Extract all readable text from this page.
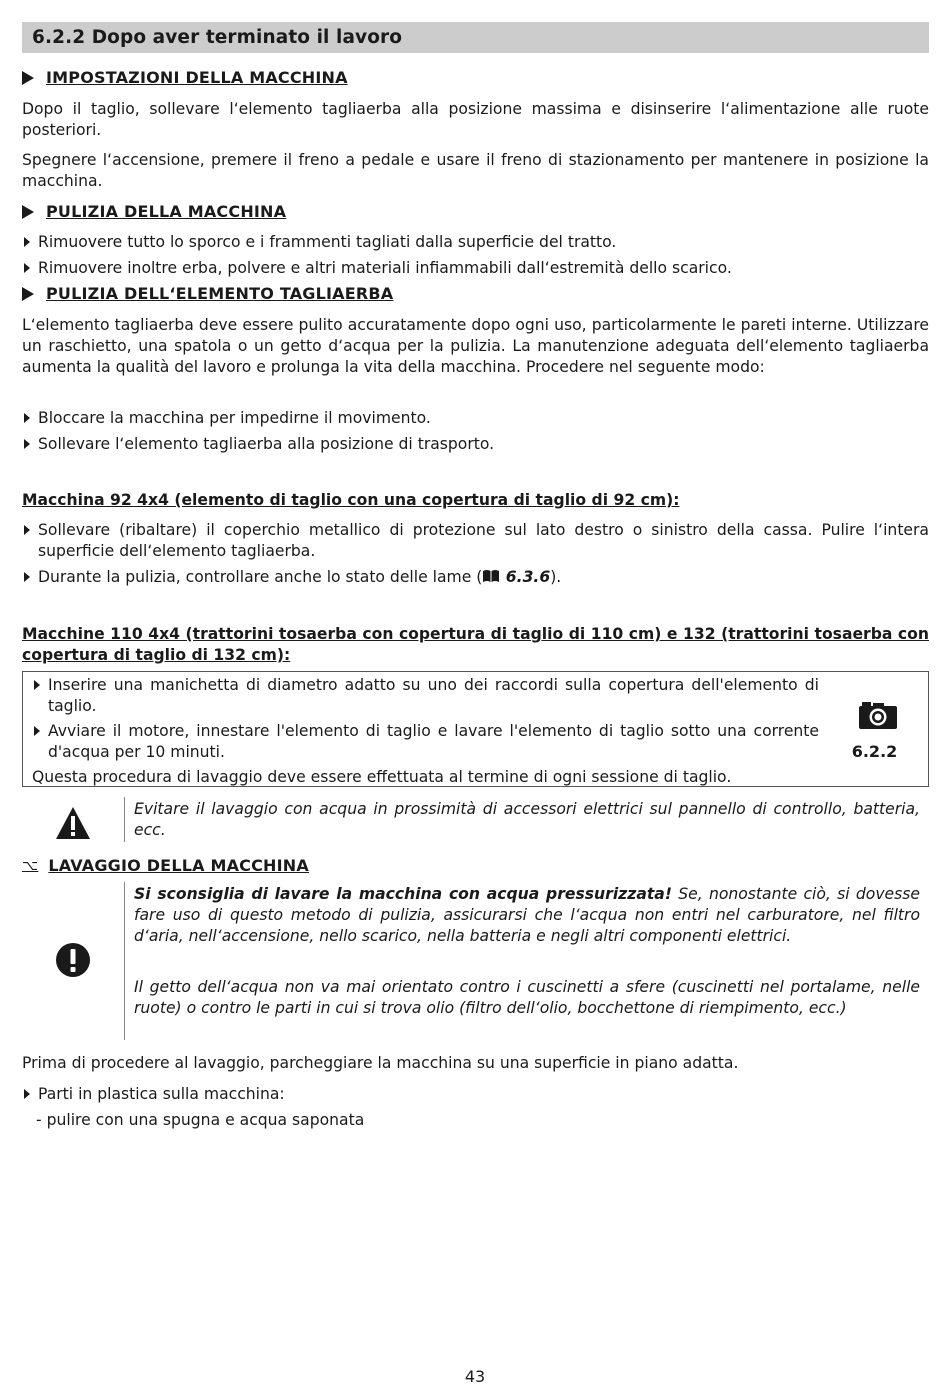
6.2.2 Dopo aver terminato il lavoro
IMPOSTAZIONI DELLA MACCHINA
Dopo il taglio, sollevare l‘elemento tagliaerba alla posizione massima e disinserire l‘alimentazione alle ruote posteriori.
Spegnere l‘accensione, premere il freno a pedale e usare il freno di stazionamento per mantenere in posizione la macchina.
PULIZIA DELLA MACCHINA
Rimuovere tutto lo sporco e i frammenti tagliati dalla superficie del tratto.
Rimuovere inoltre erba, polvere e altri materiali infiammabili dall‘estremità dello scarico.
PULIZIA DELL‘ELEMENTO TAGLIAERBA
L‘elemento tagliaerba deve essere pulito accuratamente dopo ogni uso, particolarmente le pareti interne. Utilizzare un raschietto, una spatola o un getto d‘acqua per la pulizia. La manutenzione adeguata dell‘elemento tagliaerba aumenta la qualità del lavoro e prolunga la vita della macchina. Procedere nel seguente modo:
Bloccare la macchina per impedirne il movimento.
Sollevare l‘elemento tagliaerba alla posizione di trasporto.
Macchina 92 4x4 (elemento di taglio con una copertura di taglio di 92 cm):
Sollevare (ribaltare) il coperchio metallico di protezione sul lato destro o sinistro della cassa. Pulire l‘intera superficie dell‘elemento tagliaerba.
Durante la pulizia, controllare anche lo stato delle lame ( 6.3.6).
Macchine 110 4x4 (trattorini tosaerba con copertura di taglio di 110 cm) e 132 (trattorini tosaerba con copertura di taglio di 132 cm):
Inserire una manichetta di diametro adatto su uno dei raccordi sulla copertura dell'elemento di taglio.
Avviare il motore, innestare l'elemento di taglio e lavare l'elemento di taglio sotto una corrente d'acqua per 10 minuti.
Questa procedura di lavaggio deve essere effettuata al termine di ogni sessione di taglio.
6.2.2
Evitare il lavaggio con acqua in prossimità di accessori elettrici sul pannello di controllo, batteria, ecc.
⌥ LAVAGGIO DELLA MACCHINA
Si sconsiglia di lavare la macchina con acqua pressurizzata! Se, nonostante ciò, si dovesse fare uso di questo metodo di pulizia, assicurarsi che l‘acqua non entri nel carburatore, nel filtro d‘aria, nell‘accensione, nello scarico, nella batteria e negli altri componenti elettrici.
Il getto dell‘acqua non va mai orientato contro i cuscinetti a sfere (cuscinetti nel portalame, nelle ruote) o contro le parti in cui si trova olio (filtro dell‘olio, bocchettone di riempimento, ecc.)
Prima di procedere al lavaggio, parcheggiare la macchina su una superficie in piano adatta.
Parti in plastica sulla macchina:
- pulire con una spugna e acqua saponata
43
